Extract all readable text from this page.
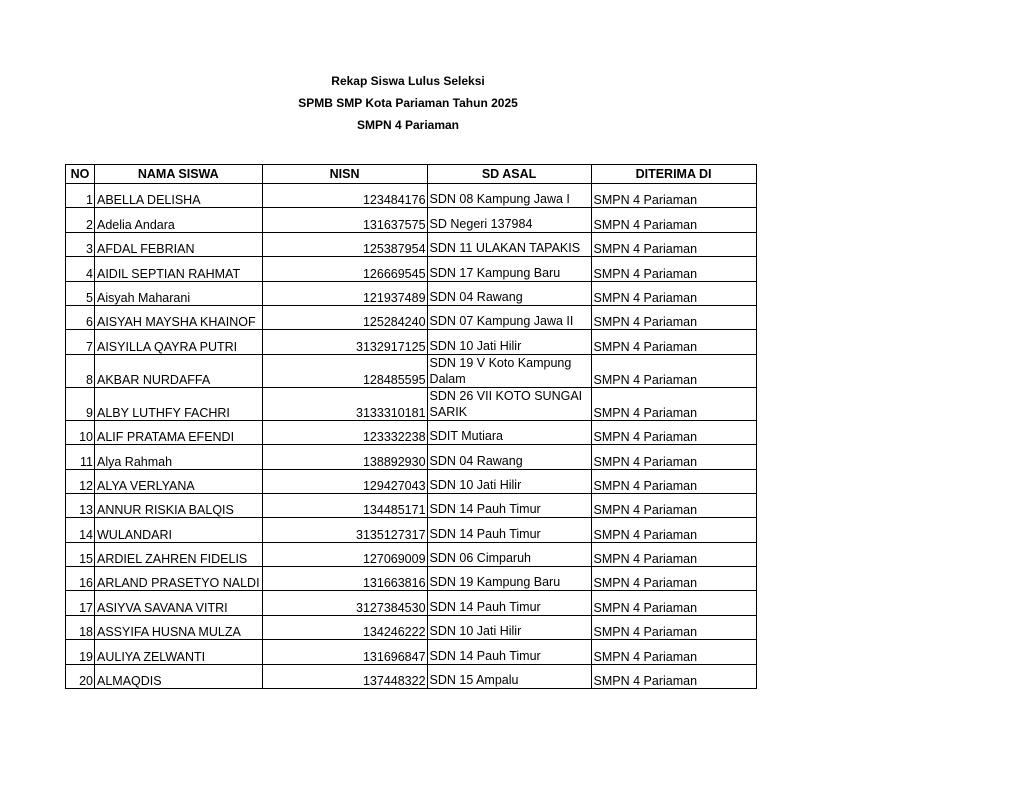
Rekap Siswa Lulus Seleksi
SPMB SMP Kota Pariaman Tahun 2025
SMPN 4 Pariaman
NO	NAMA SISWA	NISN	SD ASAL	DITERIMA DI
1	ABELLA DELISHA	123484176	SDN 08 Kampung Jawa I	SMPN 4 Pariaman
2	Adelia Andara	131637575	SD Negeri 137984	SMPN 4 Pariaman
3	AFDAL FEBRIAN	125387954	SDN 11 ULAKAN TAPAKIS	SMPN 4 Pariaman
4	AIDIL SEPTIAN RAHMAT	126669545	SDN 17 Kampung Baru	SMPN 4 Pariaman
5	Aisyah Maharani	121937489	SDN 04 Rawang	SMPN 4 Pariaman
6	AISYAH MAYSHA KHAINOF	125284240	SDN 07 Kampung Jawa II	SMPN 4 Pariaman
7	AISYILLA QAYRA PUTRI	3132917125	SDN 10 Jati Hilir	SMPN 4 Pariaman
8	AKBAR NURDAFFA	128485595	SDN 19 V Koto Kampung Dalam	SMPN 4 Pariaman
9	ALBY LUTHFY FACHRI	3133310181	SDN 26 VII KOTO SUNGAI SARIK	SMPN 4 Pariaman
10	ALIF PRATAMA EFENDI	123332238	SDIT Mutiara	SMPN 4 Pariaman
11	Alya Rahmah	138892930	SDN 04 Rawang	SMPN 4 Pariaman
12	ALYA VERLYANA	129427043	SDN 10 Jati Hilir	SMPN 4 Pariaman
13	ANNUR RISKIA BALQIS	134485171	SDN 14 Pauh Timur	SMPN 4 Pariaman
14	WULANDARI	3135127317	SDN 14 Pauh Timur	SMPN 4 Pariaman
15	ARDIEL ZAHREN FIDELIS	127069009	SDN 06 Cimparuh	SMPN 4 Pariaman
16	ARLAND PRASETYO NALDI	131663816	SDN 19 Kampung Baru	SMPN 4 Pariaman
17	ASIYVA SAVANA VITRI	3127384530	SDN 14 Pauh Timur	SMPN 4 Pariaman
18	ASSYIFA HUSNA MULZA	134246222	SDN 10 Jati Hilir	SMPN 4 Pariaman
19	AULIYA ZELWANTI	131696847	SDN 14 Pauh Timur	SMPN 4 Pariaman
20	ALMAQDIS	137448322	SDN 15 Ampalu	SMPN 4 Pariaman
